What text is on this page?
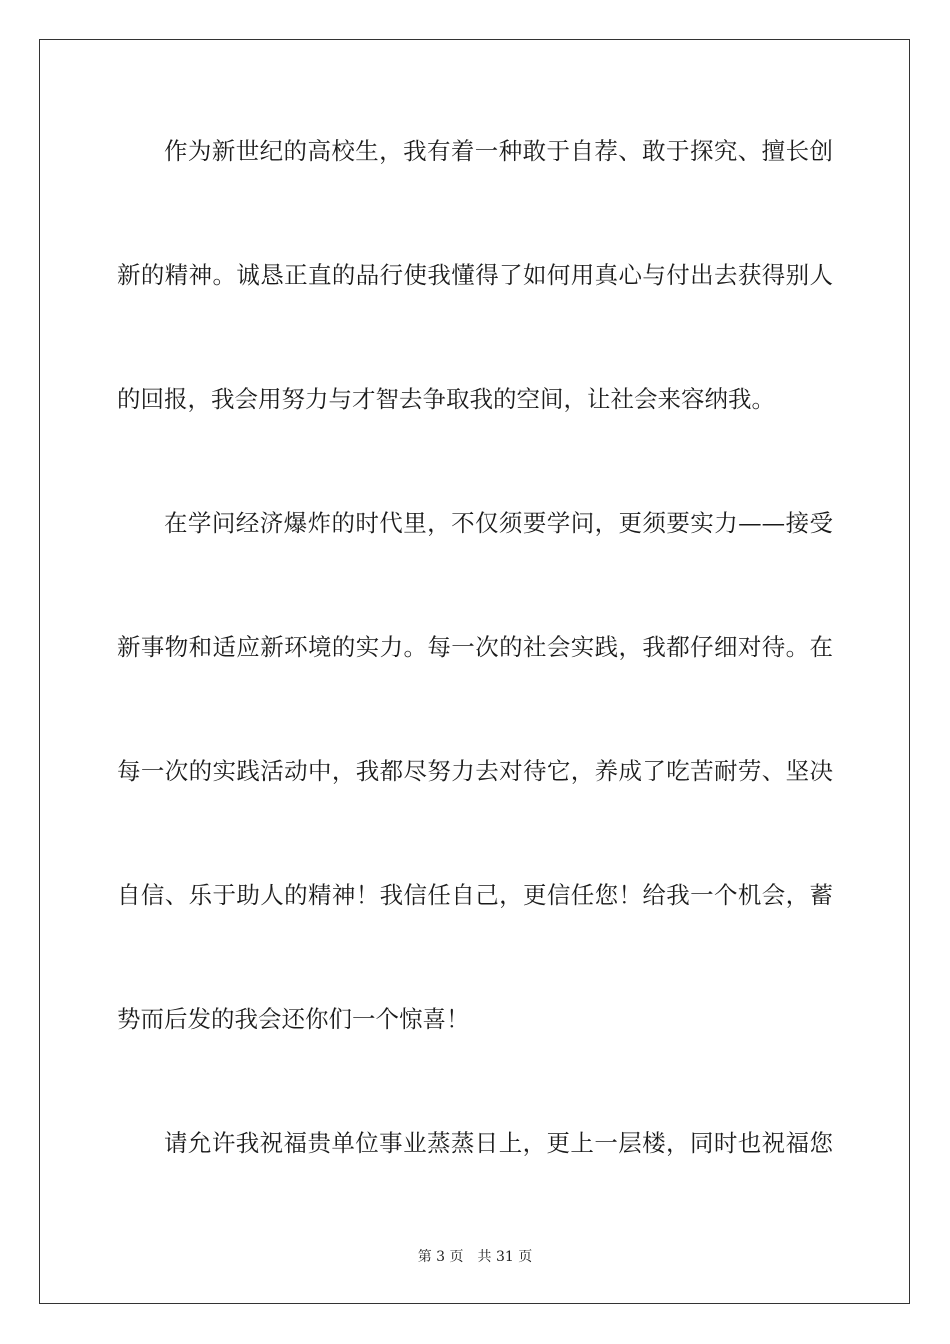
作为新世纪的高校生，我有着一种敢于自荐、敢于探究、擅长创
新的精神。诚恳正直的品行使我懂得了如何用真心与付出去获得别人
的回报，我会用努力与才智去争取我的空间，让社会来容纳我。
在学问经济爆炸的时代里，不仅须要学问，更须要实力——接受
新事物和适应新环境的实力。每一次的社会实践，我都仔细对待。在
每一次的实践活动中，我都尽努力去对待它，养成了吃苦耐劳、坚决
自信、乐于助人的精神！我信任自己，更信任您！给我一个机会，蓄
势而后发的我会还你们一个惊喜！
请允许我祝福贵单位事业蒸蒸日上，更上一层楼，同时也祝福您
第 3 页 共 31 页
